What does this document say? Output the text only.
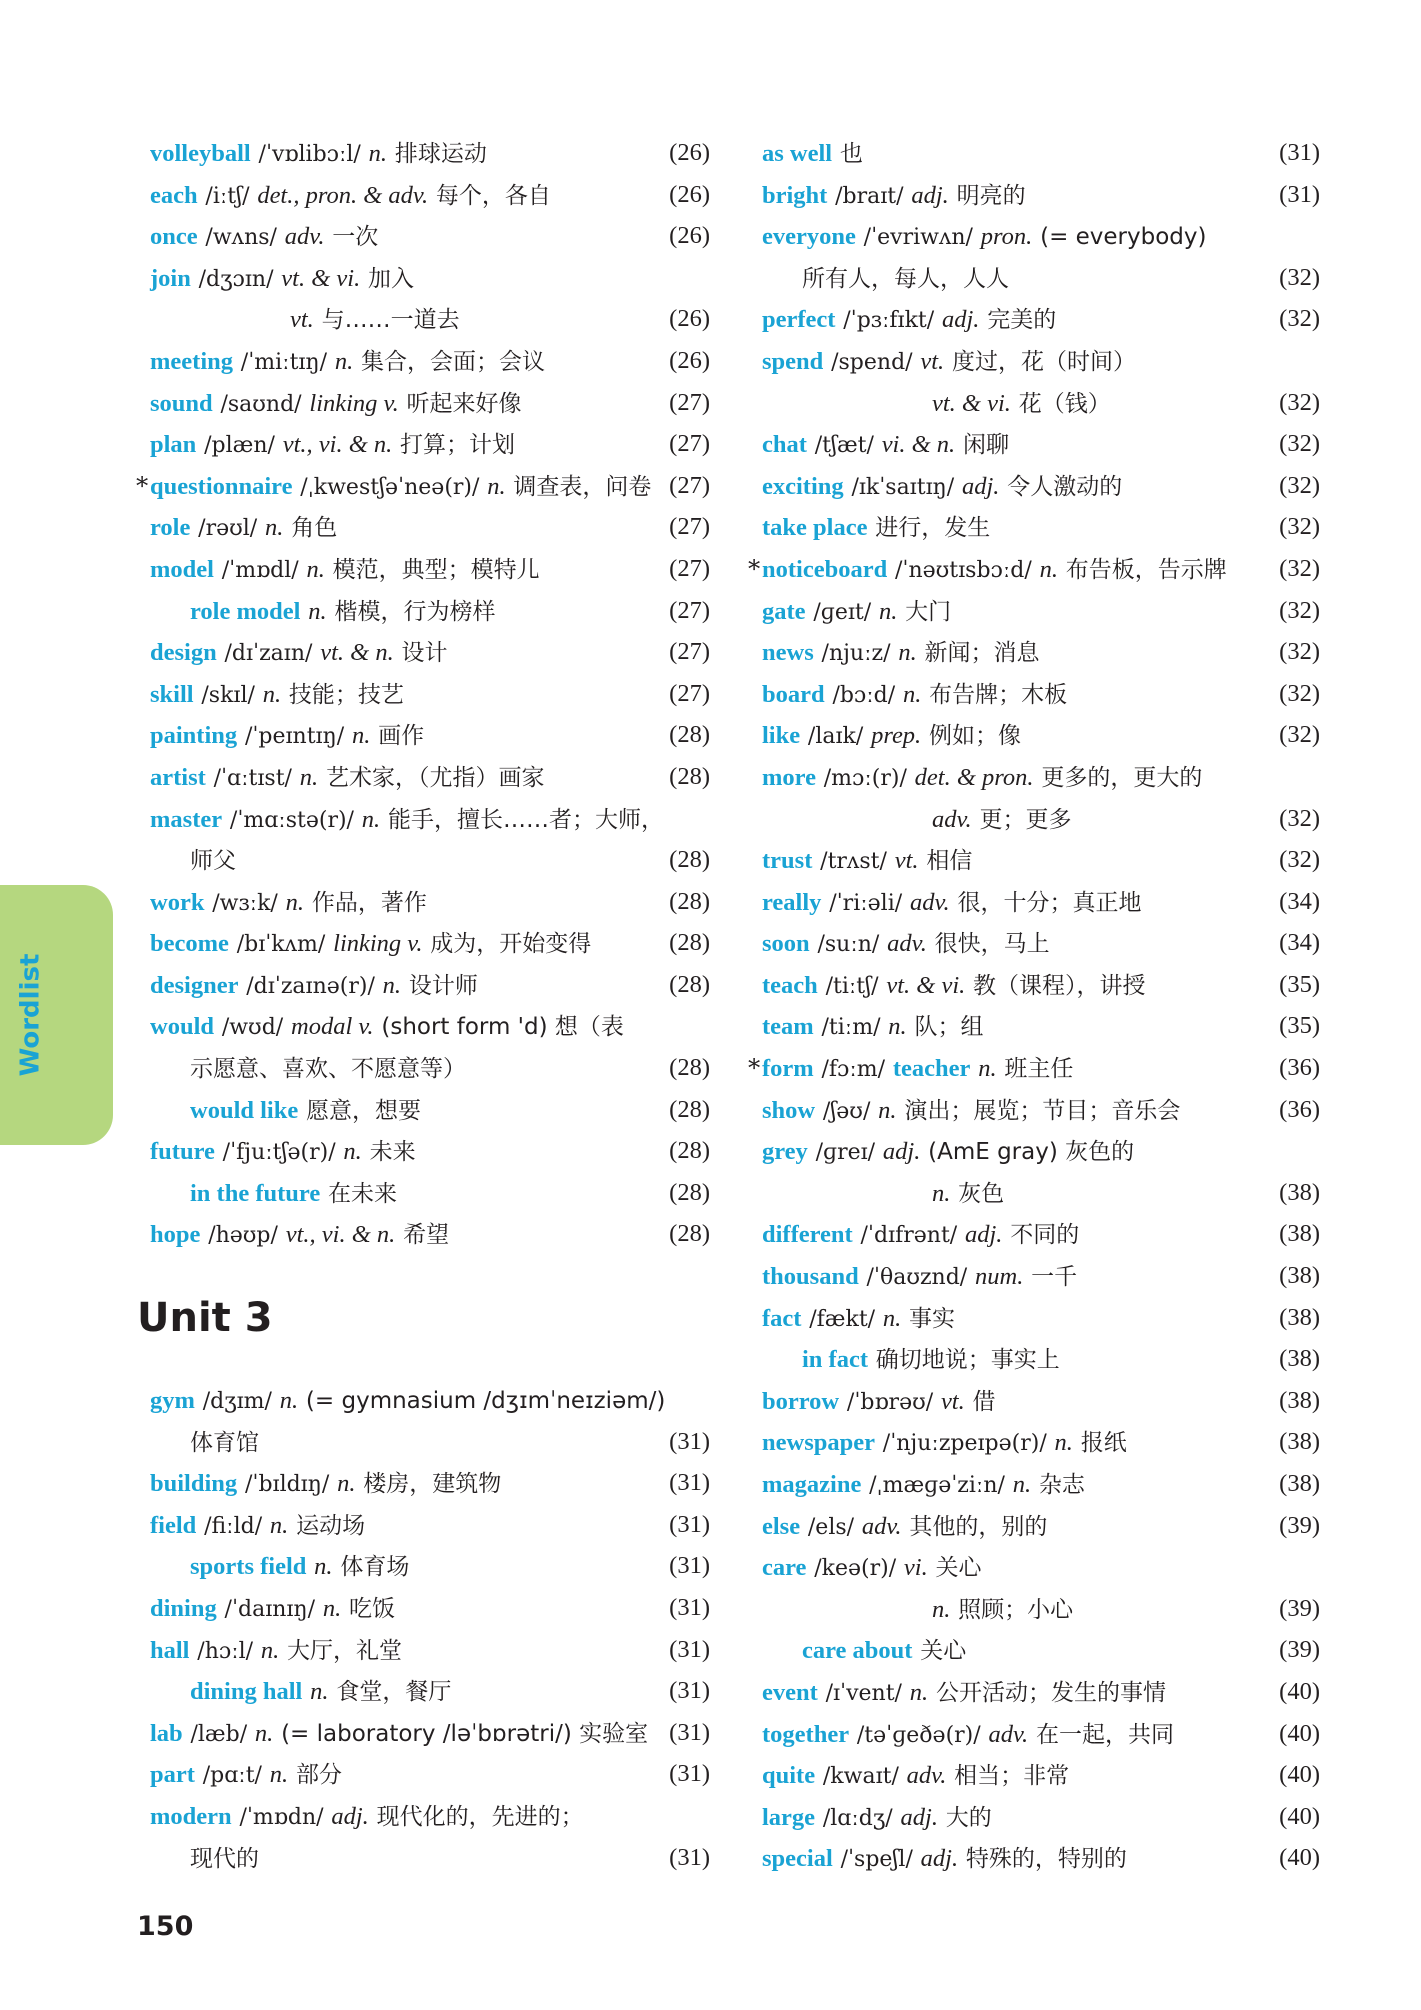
Wordlist
volleyball /ˈvɒlibɔːl/ n. 排球运动	(26)
each /iːtʃ/ det., pron. & adv. 每个，各自	(26)
once /wʌns/ adv. 一次	(26)
join /dʒɔɪn/ vt. & vi. 加入
vt. 与……一道去	(26)
meeting /ˈmiːtɪŋ/ n. 集合，会面；会议	(26)
sound /saʊnd/ linking v. 听起来好像	(27)
plan /plæn/ vt., vi. & n. 打算；计划	(27)
* questionnaire /ˌkwestʃəˈneə(r)/ n. 调查表，问卷 (27)
role /rəʊl/ n. 角色	(27)
model /ˈmɒdl/ n. 模范，典型；模特儿	(27)
role model n. 楷模，行为榜样	(27)
design /dɪˈzaɪn/ vt. & n. 设计	(27)
skill /skɪl/ n. 技能；技艺	(27)
painting /ˈpeɪntɪŋ/ n. 画作	(28)
artist /ˈɑːtɪst/ n. 艺术家，（尤指）画家	(28)
master /ˈmɑːstə(r)/ n. 能手，擅长……者；大师，
师父	(28)
work /wɜːk/ n. 作品，著作	(28)
become /bɪˈkʌm/ linking v. 成为，开始变得	(28)
designer /dɪˈzaɪnə(r)/ n. 设计师	(28)
would /wʊd/ modal v. (short form 'd) 想（表
示愿意、喜欢、不愿意等）	(28)
would like 愿意，想要	(28)
future /ˈfjuːtʃə(r)/ n. 未来	(28)
in the future 在未来	(28)
hope /həʊp/ vt., vi. & n. 希望	(28)
Unit 3
gym /dʒɪm/ n. (= gymnasium /dʒɪmˈneɪziəm/)
体育馆	(31)
building /ˈbɪldɪŋ/ n. 楼房，建筑物	(31)
field /fiːld/ n. 运动场	(31)
sports field n. 体育场	(31)
dining /ˈdaɪnɪŋ/ n. 吃饭	(31)
hall /hɔːl/ n. 大厅，礼堂	(31)
dining hall n. 食堂，餐厅	(31)
lab /læb/ n. (= laboratory /ləˈbɒrətri/) 实验室 (31)
part /pɑːt/ n. 部分	(31)
modern /ˈmɒdn/ adj. 现代化的，先进的；
现代的	(31)
as well 也	(31)
bright /braɪt/ adj. 明亮的	(31)
everyone /ˈevriwʌn/ pron. (= everybody)
所有人，每人，人人	(32)
perfect /ˈpɜːfɪkt/ adj. 完美的	(32)
spend /spend/ vt. 度过，花（时间）
vt. & vi. 花（钱）	(32)
chat /tʃæt/ vi. & n. 闲聊	(32)
exciting /ɪkˈsaɪtɪŋ/ adj. 令人激动的	(32)
take place 进行，发生	(32)
* noticeboard /ˈnəʊtɪsbɔːd/ n. 布告板，告示牌 (32)
gate /ɡeɪt/ n. 大门	(32)
news /njuːz/ n. 新闻；消息	(32)
board /bɔːd/ n. 布告牌；木板	(32)
like /laɪk/ prep. 例如；像	(32)
more /mɔː(r)/ det. & pron. 更多的，更大的
adv. 更；更多	(32)
trust /trʌst/ vt. 相信	(32)
really /ˈriːəli/ adv. 很，十分；真正地	(34)
soon /suːn/ adv. 很快，马上	(34)
teach /tiːtʃ/ vt. & vi. 教（课程），讲授	(35)
team /tiːm/ n. 队；组	(35)
* form /fɔːm/ teacher n. 班主任	(36)
show /ʃəʊ/ n. 演出；展览；节目；音乐会	(36)
grey /ɡreɪ/ adj. (AmE gray) 灰色的
n. 灰色	(38)
different /ˈdɪfrənt/ adj. 不同的	(38)
thousand /ˈθaʊznd/ num. 一千	(38)
fact /fækt/ n. 事实	(38)
in fact 确切地说；事实上	(38)
borrow /ˈbɒrəʊ/ vt. 借	(38)
newspaper /ˈnjuːzpeɪpə(r)/ n. 报纸	(38)
magazine /ˌmæɡəˈziːn/ n. 杂志	(38)
else /els/ adv. 其他的，别的	(39)
care /keə(r)/ vi. 关心
n. 照顾；小心	(39)
care about 关心	(39)
event /ɪˈvent/ n. 公开活动；发生的事情	(40)
together /təˈɡeðə(r)/ adv. 在一起，共同	(40)
quite /kwaɪt/ adv. 相当；非常	(40)
large /lɑːdʒ/ adj. 大的	(40)
special /ˈspeʃl/ adj. 特殊的，特别的	(40)
150
